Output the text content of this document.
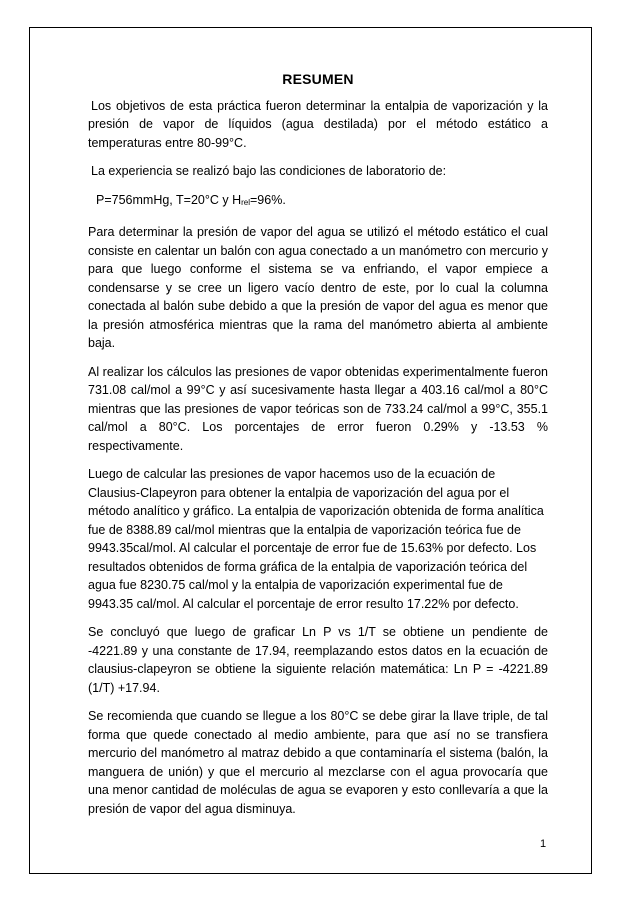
RESUMEN

Los objetivos de esta práctica fueron determinar la entalpia de vaporización y la presión de vapor de líquidos (agua destilada) por el método estático a temperaturas entre 80-99°C.

La experiencia se realizó bajo las condiciones de laboratorio de:

P=756mmHg, T=20°C y Hrel=96%.

Para determinar la presión de vapor del agua se utilizó el método estático el cual consiste en calentar un balón con agua conectado a un manómetro con mercurio y para que luego conforme el sistema se va enfriando, el vapor empiece a condensarse y se cree un ligero vacío dentro de este, por lo cual la columna conectada al balón sube debido a que la presión de vapor del agua es menor que la presión atmosférica mientras que la rama del manómetro abierta al ambiente baja.

Al realizar los cálculos las presiones de vapor obtenidas experimentalmente fueron 731.08 cal/mol a 99°C y así sucesivamente hasta llegar a 403.16 cal/mol a 80°C mientras que las presiones de vapor teóricas son de 733.24 cal/mol a 99°C, 355.1 cal/mol a 80°C. Los porcentajes de error fueron 0.29% y -13.53 % respectivamente.

Luego de calcular las presiones de vapor hacemos uso de la ecuación de Clausius-Clapeyron para obtener la entalpia de vaporización del agua por el método analítico y gráfico. La entalpia de vaporización obtenida de forma analítica fue de 8388.89 cal/mol mientras que la entalpia de vaporización teórica fue de 9943.35cal/mol. Al calcular el porcentaje de error fue de 15.63% por defecto. Los resultados obtenidos de forma gráfica de la entalpia de vaporización teórica del agua fue 8230.75 cal/mol y la entalpia de vaporización experimental fue de 9943.35 cal/mol. Al calcular el porcentaje de error resulto 17.22% por defecto.

Se concluyó que luego de graficar Ln P vs 1/T se obtiene un pendiente de -4221.89 y una constante de 17.94, reemplazando estos datos en la ecuación de clausius-clapeyron se obtiene la siguiente relación matemática: Ln P = -4221.89 (1/T) +17.94.

Se recomienda que cuando se llegue a los 80°C se debe girar la llave triple, de tal forma que quede conectado al medio ambiente, para que así no se transfiera mercurio del manómetro al matraz debido a que contaminaría el sistema (balón, la manguera de unión) y que el mercurio al mezclarse con el agua provocaría que una menor cantidad de moléculas de agua se evaporen y esto conllevaría a que la presión de vapor del agua disminuya.

1
